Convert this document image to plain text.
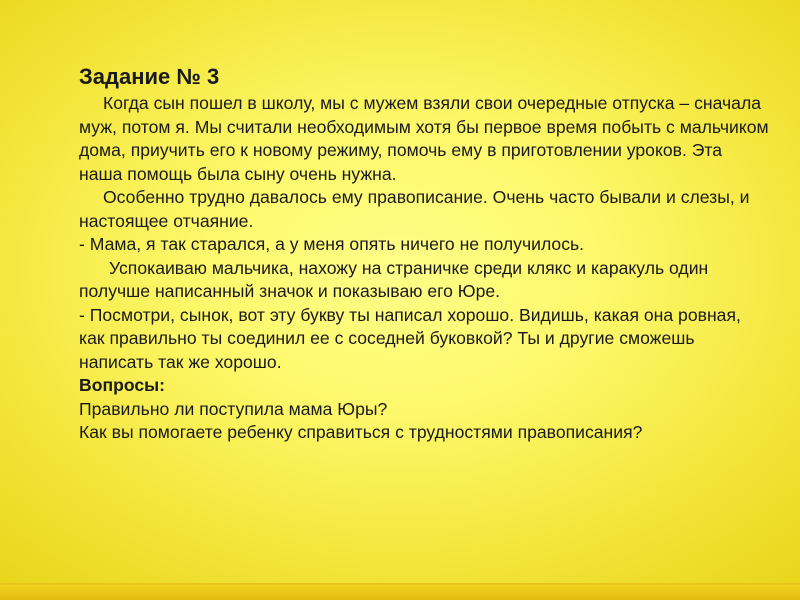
Задание № 3

Когда сын пошел в школу, мы с мужем взяли свои очередные отпуска – сначала муж, потом я. Мы считали необходимым хотя бы первое время побыть с мальчиком дома, приучить его к новому режиму, помочь ему в приготовлении уроков. Эта наша помощь была сыну очень нужна.

Особенно трудно давалось ему правописание. Очень часто бывали и слезы, и настоящее отчаяние.

- Мама, я так старался, а у меня опять ничего не получилось.

Успокаиваю мальчика, нахожу на страничке среди клякс и каракуль один получше написанный значок и показываю его Юре.

- Посмотри, сынок, вот эту букву ты написал хорошо. Видишь, какая она ровная, как правильно ты соединил ее с соседней буковкой? Ты и другие сможешь написать так же хорошо.

Вопросы:

Правильно ли поступила мама Юры?

Как вы помогаете ребенку справиться с трудностями правописания?
